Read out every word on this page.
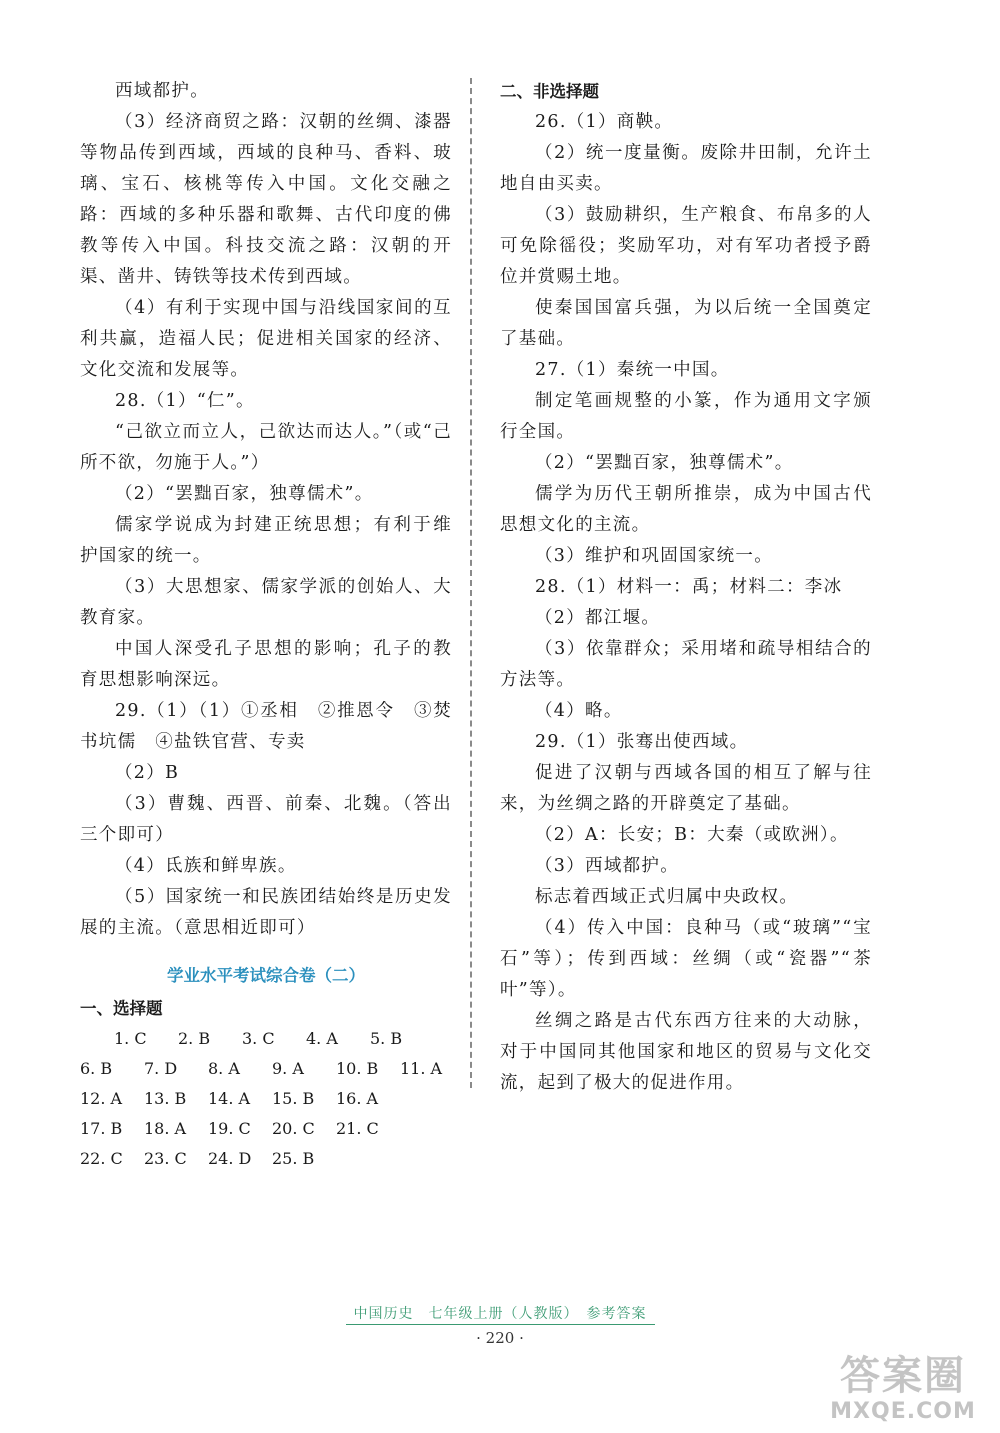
西域都护。

（3）经济商贸之路：汉朝的丝绸、漆器等物品传到西域，西域的良种马、香料、玻璃、宝石、核桃等传入中国。文化交融之路：西域的多种乐器和歌舞、古代印度的佛教等传入中国。科技交流之路：汉朝的开渠、凿井、铸铁等技术传到西域。

（4）有利于实现中国与沿线国家间的互利共赢，造福人民；促进相关国家的经济、文化交流和发展等。

28.（1）“仁”。

“己欲立而立人，己欲达而达人。”（或“己所不欲，勿施于人。”）

（2）“罢黜百家，独尊儒术”。

儒家学说成为封建正统思想；有利于维护国家的统一。

（3）大思想家、儒家学派的创始人、大教育家。

中国人深受孔子思想的影响；孔子的教育思想影响深远。

29.（1）（1）①丞相　②推恩令　③焚书坑儒　④盐铁官营、专卖

（2）B

（3）曹魏、西晋、前秦、北魏。（答出三个即可）

（4）氐族和鲜卑族。

（5）国家统一和民族团结始终是历史发展的主流。（意思相近即可）

学业水平考试综合卷（二）

一、选择题

1. C	2. B	3. C	4. A	5. B
6. B	7. D	8. A	9. A	10. B	11. A
12. A	13. B	14. A	15. B	16. A
17. B	18. A	19. C	20. C	21. C
22. C	23. C	24. D	25. B

二、非选择题

26.（1）商鞅。

（2）统一度量衡。废除井田制，允许土地自由买卖。

（3）鼓励耕织，生产粮食、布帛多的人可免除徭役；奖励军功，对有军功者授予爵位并赏赐土地。

使秦国国富兵强，为以后统一全国奠定了基础。

27.（1）秦统一中国。

制定笔画规整的小篆，作为通用文字颁行全国。

（2）“罢黜百家，独尊儒术”。

儒学为历代王朝所推崇，成为中国古代思想文化的主流。

（3）维护和巩固国家统一。

28.（1）材料一：禹；材料二：李冰

（2）都江堰。

（3）依靠群众；采用堵和疏导相结合的方法等。

（4）略。

29.（1）张骞出使西域。

促进了汉朝与西域各国的相互了解与往来，为丝绸之路的开辟奠定了基础。

（2）A：长安；B：大秦（或欧洲）。

（3）西域都护。

标志着西域正式归属中央政权。

（4）传入中国：良种马（或“玻璃”“宝石”等）；传到西域：丝绸（或“瓷器”“茶叶”等）。

丝绸之路是古代东西方往来的大动脉，对于中国同其他国家和地区的贸易与文化交流，起到了极大的促进作用。

中国历史　七年级上册（人教版）　参考答案
· 220 ·
答案圈
MXQE.COM
